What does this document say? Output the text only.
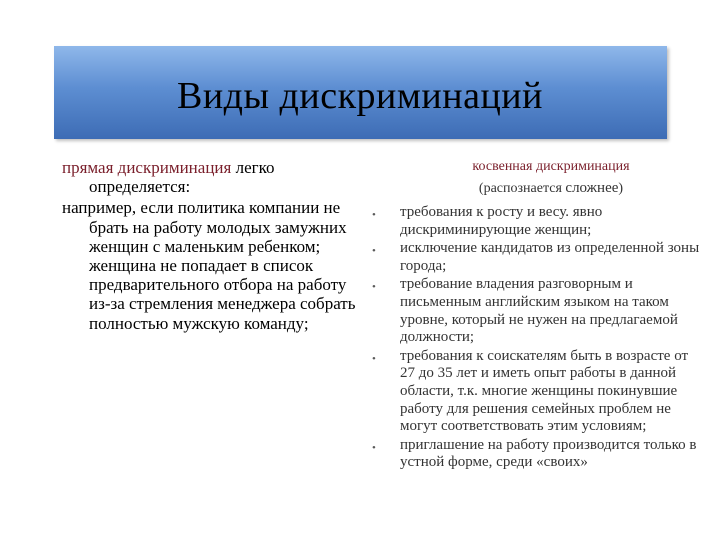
Виды дискриминаций

прямая дискриминация легко определяется:

например, если политика компании не брать на работу молодых замужних женщин с маленьким ребенком; женщина не попадает в список предварительного отбора на работу из-за стремления менеджера собрать полностью мужскую команду;

косвенная дискриминация
(распознается сложнее)
• требования к росту и весу. явно дискриминирующие женщин;
• исключение кандидатов из определенной зоны города;
• требование владения разговорным и письменным английским языком на таком уровне, который не нужен на предлагаемой должности;
• требования к соискателям быть в возрасте от 27 до 35 лет и иметь опыт работы в данной области, т.к. многие женщины покинувшие работу для решения семейных проблем не могут соответствовать этим условиям;
• приглашение на работу производится только в устной форме, среди «своих»
